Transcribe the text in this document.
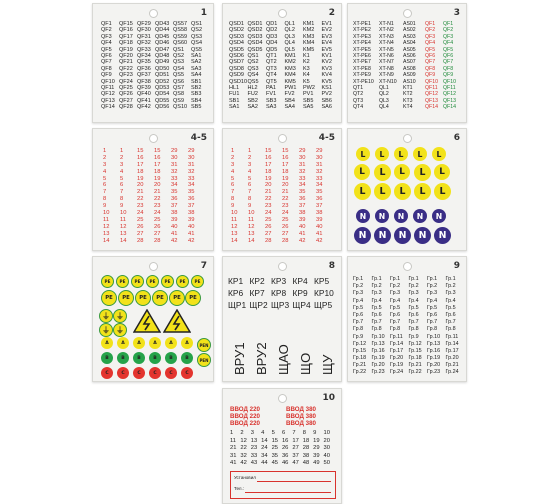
1
QF1	QF15 QF29 QD43 QS57 QS1
QF2	QF16 QF30 QD44 QS58 QS2
QF3	QF17 QF31 QD45 QS59 QS3
QF4	QF18 QF32 QD46 QS60 QS4
QF5	QF19 QF33 QD47 QS1	QS5
QF6	QF20 QF34 QD48 QS2	SA1
QF7	QF21 QF35 QD49 QS3	SA2
QF8	QF22 QF36 QD50 QS4	SA3
QF9	QF23 QF37 QD51 QS5	SA4
QF10 QF24 QF38 QD52 QS6	SB1
QF11 QF25 QF39 QD53 QS7	SB2
QF12 QF26 QF40 QD54 QS8	SB3
QF13 QF27 QF41 QD55 QS9	SB4
QF14 QF28 QF42 QD56 QS10 SB5
2
QSD1 QSD1 QD1	QL1	KM1	EV1
QSD2 QSD2 QD2	QL2	KM2	EV2
QSD3 QSD3 QD3	QL3	KM3	EV3
QSD4 QSD4 QD4	QL4	KM4	EV4
QSD5 QSD5 QD5	QL5	KM5	EV5
QSD6 QS1	QT1	KM1	K1	KV1
QSD7 QS2	QT2	KM2	K2	KV2
QSD8 QS3	QT3	KM3	K3	KV3
QSD9 QS4	QT4	KM4	K4	KV4
QSD10 QS5	QT5	KM5	K5	KV5
HL1	HL2	PA1	PW1	PW2	KS1
FU1	FU2	FV1	FV2	PV1	PV2
SB1	SB2	SB3	SB4	SB5	SB6
SA1	SA2	SA3	SA4	SA5	SA6
3
XT-PE1	XT-N1	AS01	QF1	QF1
XT-PE2	XT-N2	AS02	QF2	QF2
XT-PE3	XT-N3	AS03	QF3	QF3
XT-PE4	XT-N4	AS04	QF4	QF4
XT-PE5	XT-N5	AS05	QF5	QF5
XT-PE6	XT-N6	AS06	QF6	QF6
XT-PE7	XT-N7	AS07	QF7	QF7
XT-PE8	XT-N8	AS08	QF8	QF8
XT-PE9	XT-N9	AS09	QF9	QF9
XT-PE10	XT-N10	AS10	QF10 QF10
QT1	QL1	KT1	QF11	QF11
QT2	QL2	KT2	QF12 QF12
QT3	QL3	KT3	QF13 QF13
QT4	QL4	KT4	QF14 QF14
4-5
1	1	15	15	29	29
2	2	16	16	30	30
3	3	17	17	31	31
4	4	18	18	32	32
5	5	19	19	33	33
6	6	20	20	34	34
7	7	21	21	35	35
8	8	22	22	36	36
9	9	23	23	37	37
10	10	24	24	38	38
11	11	25	25	39	39
12	12	26	26	40	40
13	13	27	27	41	41
14	14	28	28	42	42
4-5
1	1	15	15	29	29
2	2	16	16	30	30
3	3	17	17	31	31
4	4	18	18	32	32
5	5	19	19	33	33
6	6	20	20	34	34
7	7	21	21	35	35
8	8	22	22	36	36
9	9	23	23	37	37
10	10	24	24	38	38
11	11	25	25	39	39
12	12	26	26	40	40
13	13	27	27	41	41
14	14	28	28	42	42
6
L	L	L	L	L
L	L	L	L	L
L	L	L	L	L
N	N	N	N	N
N	N	N	N	N
7
PE	PE	PE	PE	PE	PE	PE
PE	PE	PE	PE	PE	PE
⏚ ⏚
⏚ ⏚
A	A	A	A	A	A
B	B	B	B	B	B
C	C	C	C	C	C
PEN
PEN
8
КР1 КР2 КР3 КР4 КР5
КР6 КР7 КР8 КР9 КР10
ЩР1 ЩР2 ЩР3 ЩР4 ЩР5
ВРУ1 ВРУ2 ЩАО ЩО ЩУ
9
Гр.1	Гр.1	Гр.1	Гр.1	Гр.1	Гр.1
Гр.2	Гр.2	Гр.2	Гр.2	Гр.2	Гр.2
Гр.3	Гр.3	Гр.3	Гр.3	Гр.3	Гр.3
Гр.4	Гр.4	Гр.4	Гр.4	Гр.4	Гр.4
Гр.5	Гр.5	Гр.5	Гр.5	Гр.5	Гр.5
Гр.6	Гр.6	Гр.6	Гр.6	Гр.6	Гр.6
Гр.7	Гр.7	Гр.7	Гр.7	Гр.7	Гр.7
Гр.8	Гр.8	Гр.8	Гр.8	Гр.8	Гр.8
Гр.9	Гр.10 Гр.11	Гр.9	Гр.10 Гр.11
Гр.12 Гр.13 Гр.14 Гр.12 Гр.13 Гр.14
Гр.15 Гр.16 Гр.17 Гр.15 Гр.16 Гр.17
Гр.18 Гр.19 Гр.20 Гр.18 Гр.19 Гр.20
Гр.21 Гр.20 Гр.19 Гр.21 Гр.20 Гр.21
Гр.22 Гр.23 Гр.24 Гр.22 Гр.23 Гр.24
10
ВВОД 220	ВВОД 380
ВВОД 220	ВВОД 380
ВВОД 220	ВВОД 380
1	2	3	4	5	6	7	8	9	10
11 12 13 14 15 16 17 18 19 20
21 22 23 24 25 26 27 28 29 30
31 32 33 34 35 36 37 38 39 40
41 42 43 44 45 46 47 48 49 50
Установил
Тел.:
